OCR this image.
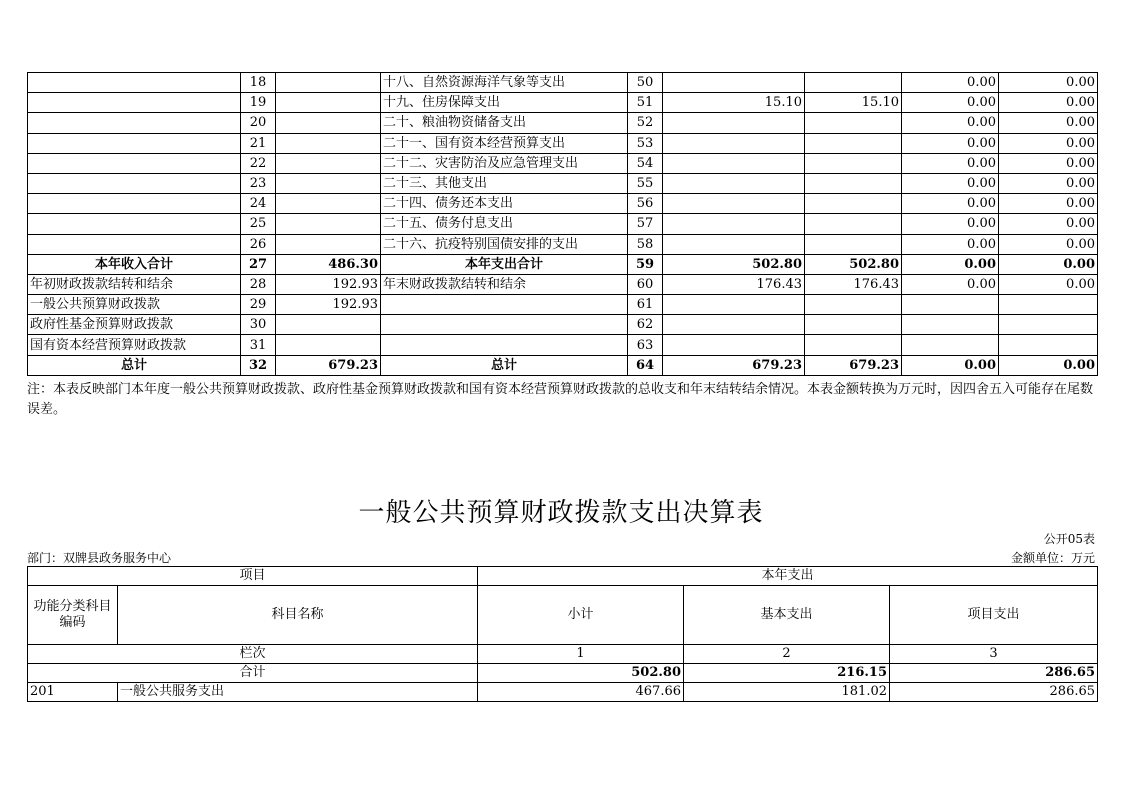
	18		十八、自然资源海洋气象等支出	50			0.00	0.00
	19		十九、住房保障支出	51	15.10	15.10	0.00	0.00
	20		二十、粮油物资储备支出	52			0.00	0.00
	21		二十一、国有资本经营预算支出	53			0.00	0.00
	22		二十二、灾害防治及应急管理支出	54			0.00	0.00
	23		二十三、其他支出	55			0.00	0.00
	24		二十四、债务还本支出	56			0.00	0.00
	25		二十五、债务付息支出	57			0.00	0.00
	26		二十六、抗疫特别国债安排的支出	58			0.00	0.00
本年收入合计	27	486.30	本年支出合计	59	502.80	502.80	0.00	0.00
年初财政拨款结转和结余	28	192.93	年末财政拨款结转和结余	60	176.43	176.43	0.00	0.00
一般公共预算财政拨款	29	192.93		61				
政府性基金预算财政拨款	30			62				
国有资本经营预算财政拨款	31			63				
总计	32	679.23	总计	64	679.23	679.23	0.00	0.00
注：本表反映部门本年度一般公共预算财政拨款、政府性基金预算财政拨款和国有资本经营预算财政拨款的总收支和年末结转结余情况。本表金额转换为万元时，因四舍五入可能存在尾数误差。
一般公共预算财政拨款支出决算表
公开05表
部门：双牌县政务服务中心	金额单位：万元
项目		本年支出		
功能分类科目编码	科目名称	小计	基本支出	项目支出
栏次		1	2	3
合计		502.80	216.15	286.65
201	一般公共服务支出	467.66	181.02	286.65
